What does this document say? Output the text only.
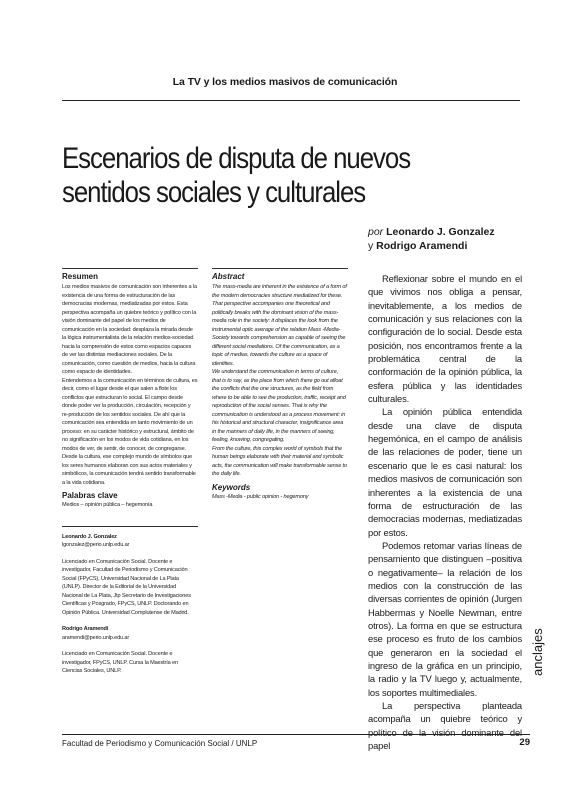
La TV y los medios masivos de comunicación
Escenarios de disputa de nuevos sentidos sociales y culturales
por Leonardo J. Gonzalez
y Rodrigo Aramendi
Resumen

Los medios masivos de comunicación son inherentes a la existencia de una forma de estructuración de las democracias modernas, mediatizadas por estos. Esta perspectiva acompaña un quiebre teórico y político con la visión dominante del papel de los medios de comunicación en la sociedad: desplaza la mirada desde la lógica instrumentalista de la relación medios-sociedad hacia la comprensión de estos como espacios capaces de ver las distintas mediaciones sociales. De la comunicación, como cuestión de medios, hacia la cultura como espacio de identidades.

Entendemos a la comunicación en términos de cultura, es decir, como el lugar desde el que salen a flote los conflictos que estructuran lo social. El campo desde donde poder ver la producción, circulación, recepción y re-producción de los sentidos sociales. De ahí que la comunicación sea entendida en tanto movimiento de un proceso: en su carácter histórico y estructural, ámbito de no significación en los modos de vida cotidiana, en los modos de ver, de sentir, de conocer, de congregarse.

Desde la cultura, ese complejo mundo de símbolos que los seres humanos elaboran con sus actos materiales y simbólicos, la comunicación tendrá sentido transformable a la vida cotidiana.

Palabras clave
Medios – opinión pública – hegemonía
Leonardo J. Gonzalez
lgonzalez@perio.unlp.edu.ar
Licenciado en Comunicación Social. Docente e investigador, Facultad de Periodismo y Comunicación Social (FPyCS), Universidad Nacional de La Plata (UNLP). Director de la Editorial de la Universidad Nacional de La Plata, Jtp Secretario de Investigaciones Científicas y Posgrado, FPyCS, UNLP. Doctorando en Opinión Pública. Universidad Complutense de Madrid.
Rodrigo Aramendi
aramendi@perio.unlp.edu.ar
Licenciado en Comunicación Social. Docente e investigador, FPyCS, UNLP. Cursa la Maestría en Ciencias Sociales, UNLP.
Abstract

The mass-media are inherent in the existence of a form of the modern democracies structure mediatized for these. That perspective accompanies one theoretical and politically breaks with the dominant vision of the mass-media role in the society: it displaces the look from the instrumental optic average of the relation Mass -Media-Society towards comprehension as capable of seeing the different social mediations. Of the communication, as a topic of medias, towards the culture as a space of identities.

We understand the communication in terms of culture, that is to say, as the place from which there go out afloat the conflicts that the one structures, as the field from where to be able to see the production, traffic, receipt and reproduction of the social senses. That is why the communication is understood as a process movement: in his historical and structural character, insignificance area in the manners of daily life, in the manners of seeing, feeling, knowing, congregating.

From the culture, this complex world of symbols that the human beings elaborate with their material and symbolic acts, the communication will make transformable sense to the daily life.

Keywords
Mass -Media - public opinion - hegemony

Reflexionar sobre el mundo en el que vivimos nos obliga a pensar, inevitablemente, a los medios de comunicación y sus relaciones con la configuración de lo social. Desde esta posición, nos encontramos frente a la problemática central de la conformación de la opinión pública, la esfera pública y las identidades culturales.

La opinión pública entendida desde una clave de disputa hegemónica, en el campo de análisis de las relaciones de poder, tiene un escenario que le es casi natural: los medios masivos de comunicación son inherentes a la existencia de una forma de estructuración de las democracias modernas, mediatizadas por estos.

Podemos retomar varias líneas de pensamiento que distinguen –positiva o negativamente– la relación de los medios con la construcción de las diversas corrientes de opinión (Jurgen Habbermas y Noelle Newman, entre otros). La forma en que se estructura ese proceso es fruto de los cambios que generaron en la sociedad el ingreso de la gráfica en un principio, la radio y la TV luego y, actualmente, los soportes multimediales.

La perspectiva planteada acompaña un quiebre teórico y político de la visión dominante del papel

anclajes
Facultad de Periodismo y Comunicación Social / UNLP	29
